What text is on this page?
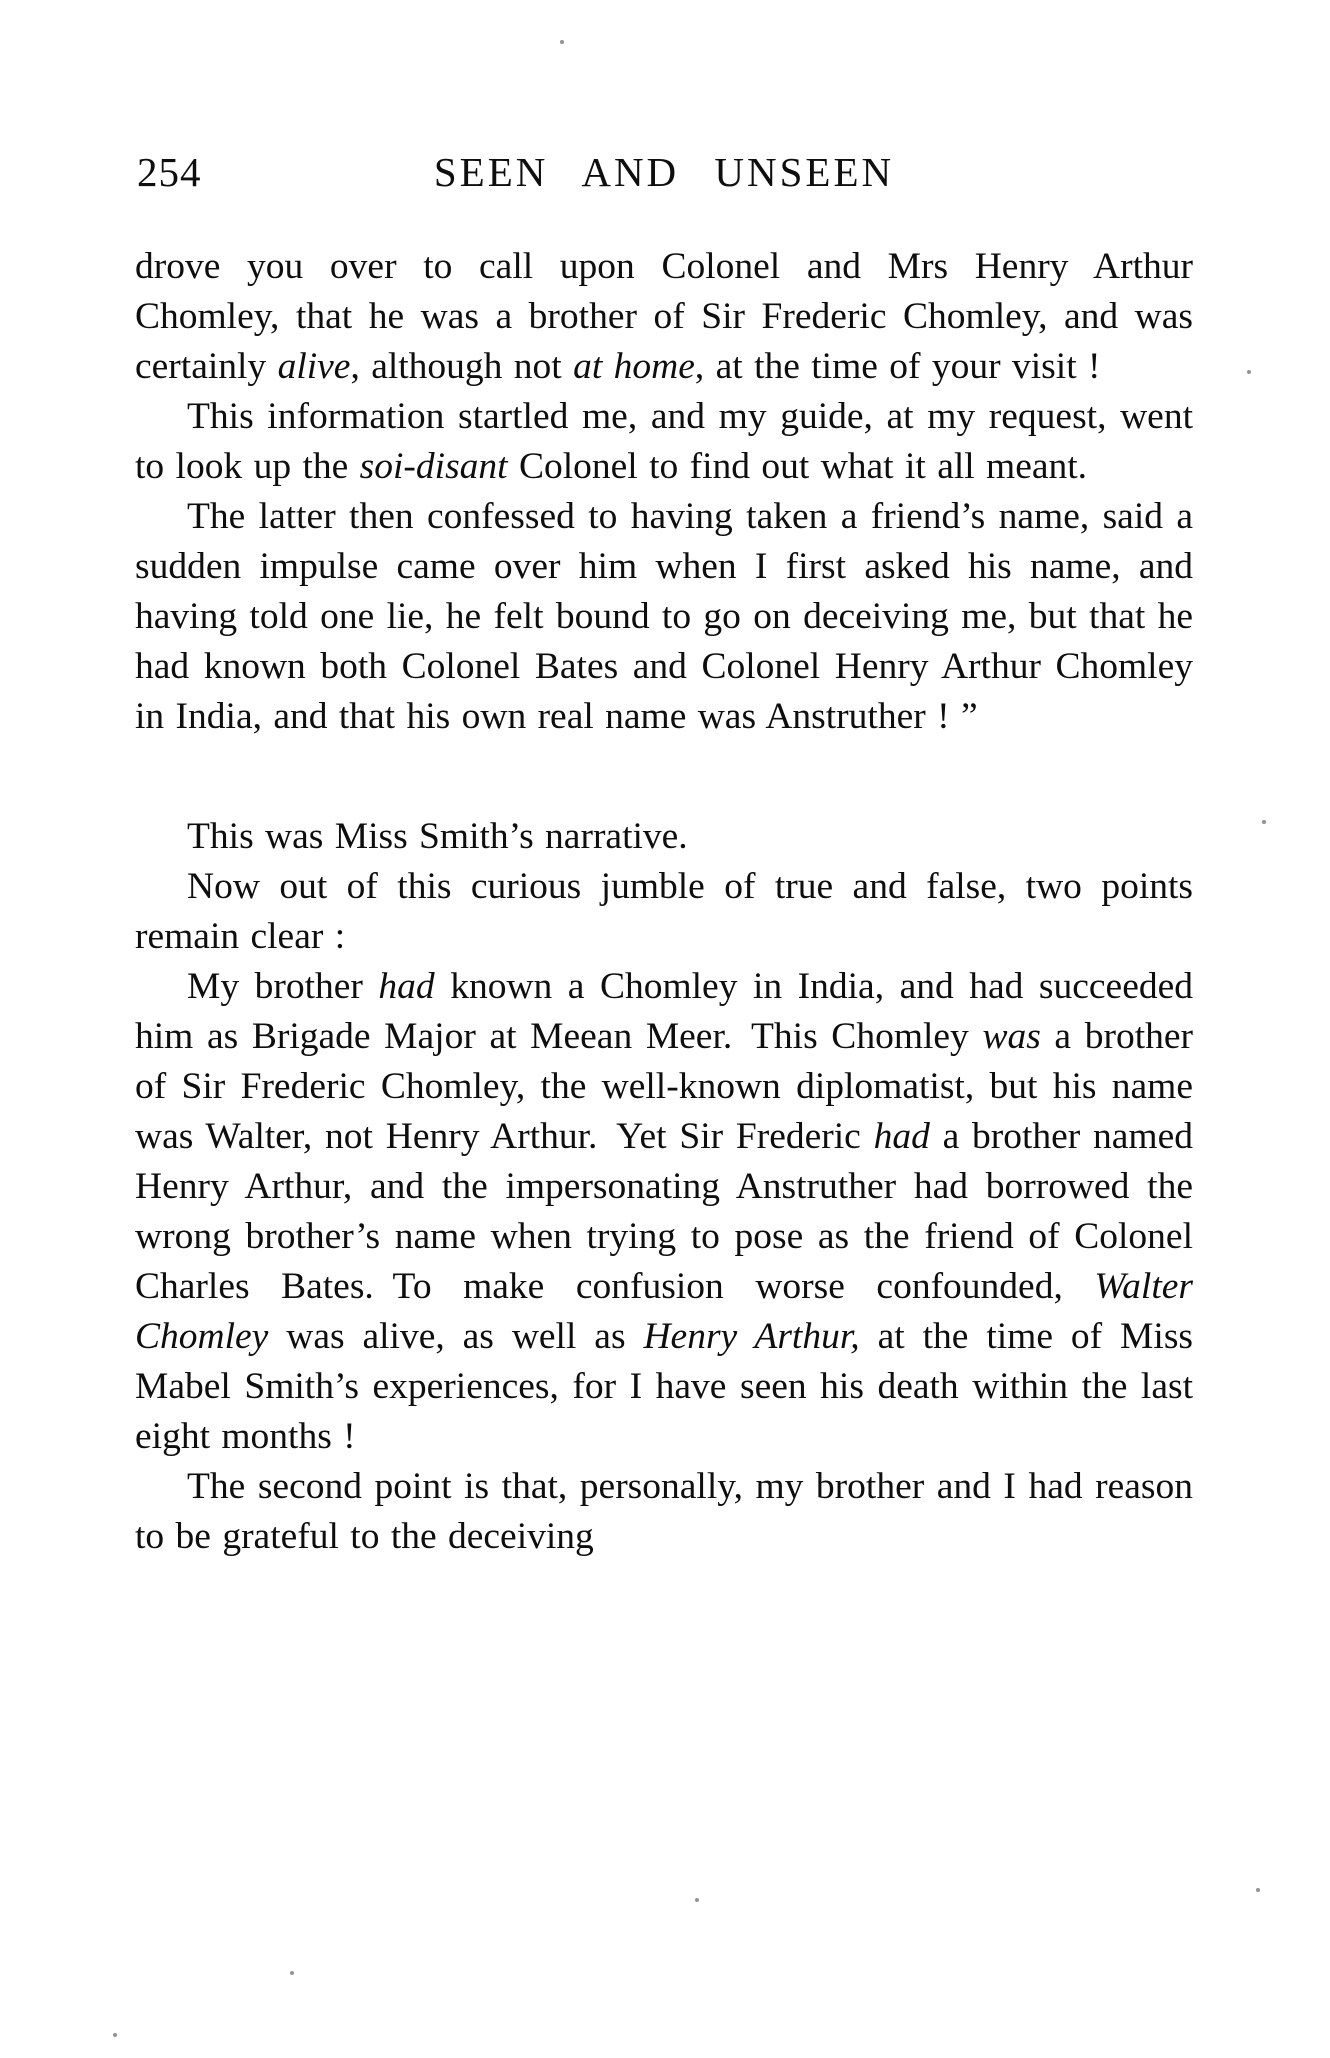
254	SEEN AND UNSEEN

drove you over to call upon Colonel and Mrs Henry Arthur Chomley, that he was a brother of Sir Frederic Chomley, and was certainly alive, although not at home, at the time of your visit !

This information startled me, and my guide, at my request, went to look up the soi-disant Colonel to find out what it all meant.

The latter then confessed to having taken a friend’s name, said a sudden impulse came over him when I first asked his name, and having told one lie, he felt bound to go on deceiving me, but that he had known both Colonel Bates and Colonel Henry Arthur Chomley in India, and that his own real name was Anstruther ! ”

This was Miss Smith’s narrative.

Now out of this curious jumble of true and false, two points remain clear :

My brother had known a Chomley in India, and had succeeded him as Brigade Major at Meean Meer. This Chomley was a brother of Sir Frederic Chomley, the well-known diplomatist, but his name was Walter, not Henry Arthur. Yet Sir Frederic had a brother named Henry Arthur, and the impersonating Anstruther had borrowed the wrong brother’s name when trying to pose as the friend of Colonel Charles Bates. To make confusion worse confounded, Walter Chomley was alive, as well as Henry Arthur, at the time of Miss Mabel Smith’s experiences, for I have seen his death within the last eight months !

The second point is that, personally, my brother and I had reason to be grateful to the deceiving
